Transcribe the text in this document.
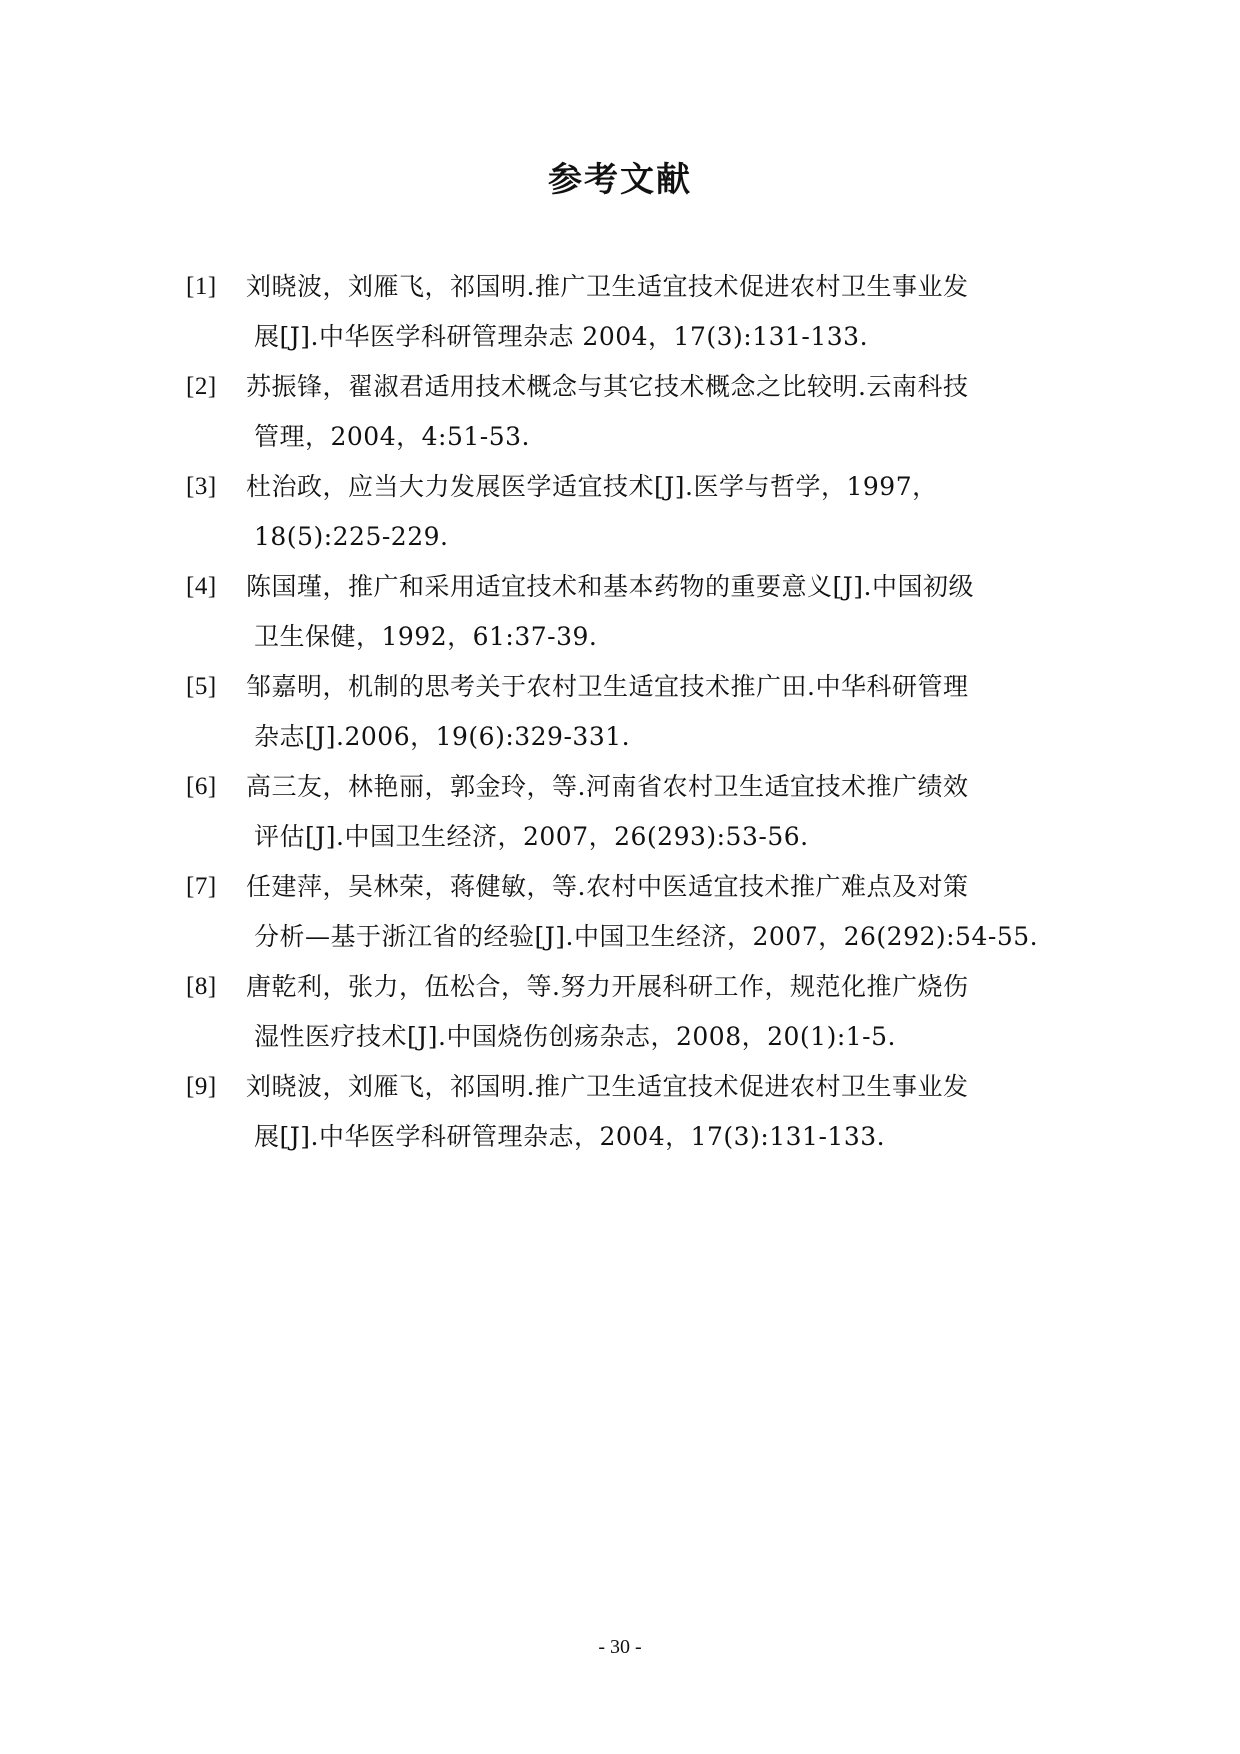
参考文献
[1]	刘晓波，刘雁飞，祁国明.推广卫生适宜技术促进农村卫生事业发
展[J].中华医学科研管理杂志 2004，17(3):131-133.
[2]	苏振锋，翟淑君适用技术概念与其它技术概念之比较明.云南科技
管理，2004，4:51-53.
[3]	杜治政，应当大力发展医学适宜技术[J].医学与哲学，1997，
18(5):225-229.
[4]	陈国瑾，推广和采用适宜技术和基本药物的重要意义[J].中国初级
卫生保健，1992，61:37-39.
[5]	邹嘉明，机制的思考关于农村卫生适宜技术推广田.中华科研管理
杂志[J].2006，19(6):329-331.
[6]	高三友，林艳丽，郭金玲，等.河南省农村卫生适宜技术推广绩效
评估[J].中国卫生经济，2007，26(293):53-56.
[7]	任建萍，吴林荣，蒋健敏，等.农村中医适宜技术推广难点及对策
分析—基于浙江省的经验[J].中国卫生经济，2007，26(292):54-55.
[8]	唐乾利，张力，伍松合，等.努力开展科研工作，规范化推广烧伤
湿性医疗技术[J].中国烧伤创疡杂志，2008，20(1):1-5.
[9]	刘晓波，刘雁飞，祁国明.推广卫生适宜技术促进农村卫生事业发
展[J].中华医学科研管理杂志，2004，17(3):131-133.
- 30 -
